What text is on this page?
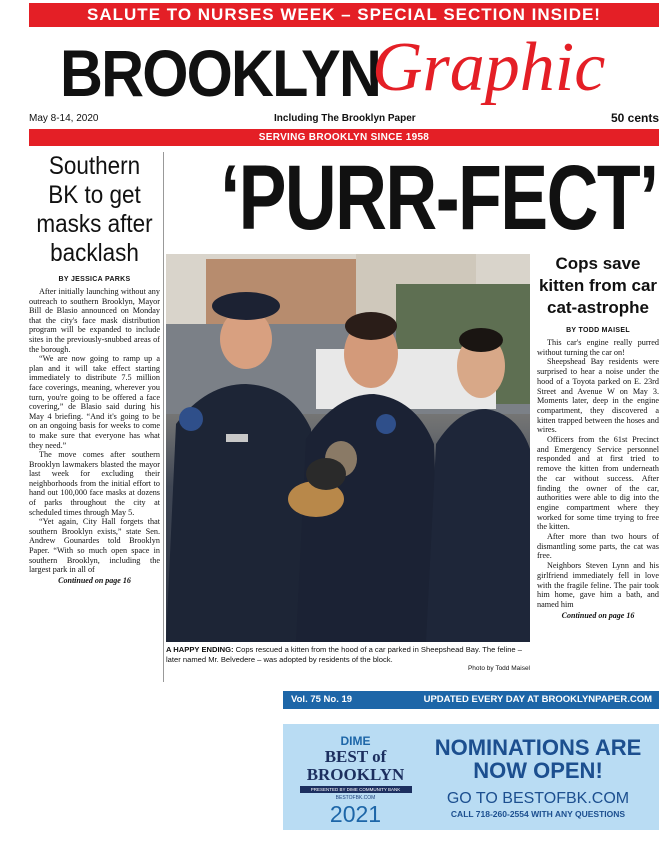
SALUTE TO NURSES WEEK – SPECIAL SECTION INSIDE!
BROOKLYN
Graphic
May 8-14, 2020	Including The Brooklyn Paper	50 cents
SERVING BROOKLYN SINCE 1958
Southern BK to get masks after backlash
BY JESSICA PARKS

After initially launching without any outreach to southern Brooklyn, Mayor Bill de Blasio announced on Monday that the city's face mask distribution program will be expanded to include sites in the previously-snubbed areas of the borough.

“We are now going to ramp up a plan and it will take effect starting immediately to distribute 7.5 million face coverings, meaning, wherever you turn, you're going to be offered a face covering,” de Blasio said during his May 4 briefing. “And it's going to be on an ongoing basis for weeks to come to make sure that everyone has what they need.”

The move comes after southern Brooklyn lawmakers blasted the mayor last week for excluding their neighborhoods from the initial effort to hand out 100,000 face masks at dozens of parks throughout the city at scheduled times through May 5.

“Yet again, City Hall forgets that southern Brooklyn exists,” state Sen. Andrew Gounardes told Brooklyn Paper. “With so much open space in southern Brooklyn, including the largest park in all of

Continued on page 16
‘PURR-FECT’
A HAPPY ENDING: Cops rescued a kitten from the hood of a car parked in Sheepshead Bay. The feline – later named Mr. Belvedere – was adopted by residents of the block.
Photo by Todd Maisel
Cops save kitten from car cat-astrophe
BY TODD MAISEL

This car's engine really purred without turning the car on!

Sheepshead Bay residents were surprised to hear a noise under the hood of a Toyota parked on E. 23rd Street and Avenue W on May 3. Moments later, deep in the engine compartment, they discovered a kitten trapped between the hoses and wires.

Officers from the 61st Precinct and Emergency Service personnel responded and at first tried to remove the kitten from underneath the car without success. After finding the owner of the car, authorities were able to dig into the engine compartment where they worked for some time trying to free the kitten.

After more than two hours of dismantling some parts, the cat was free.

Neighbors Steven Lynn and his girlfriend immediately fell in love with the fragile feline. The pair took him home, gave him a bath, and named him

Continued on page 16
Vol. 75 No. 19	UPDATED EVERY DAY AT BROOKLYNPAPER.COM
DIME
BEST of BROOKLYN
PRESENTED BY DIME COMMUNITY BANK
BESTOFBK.COM
2021
NOMINATIONS ARE NOW OPEN!
GO TO BESTOFBK.COM
CALL 718-260-2554 WITH ANY QUESTIONS
